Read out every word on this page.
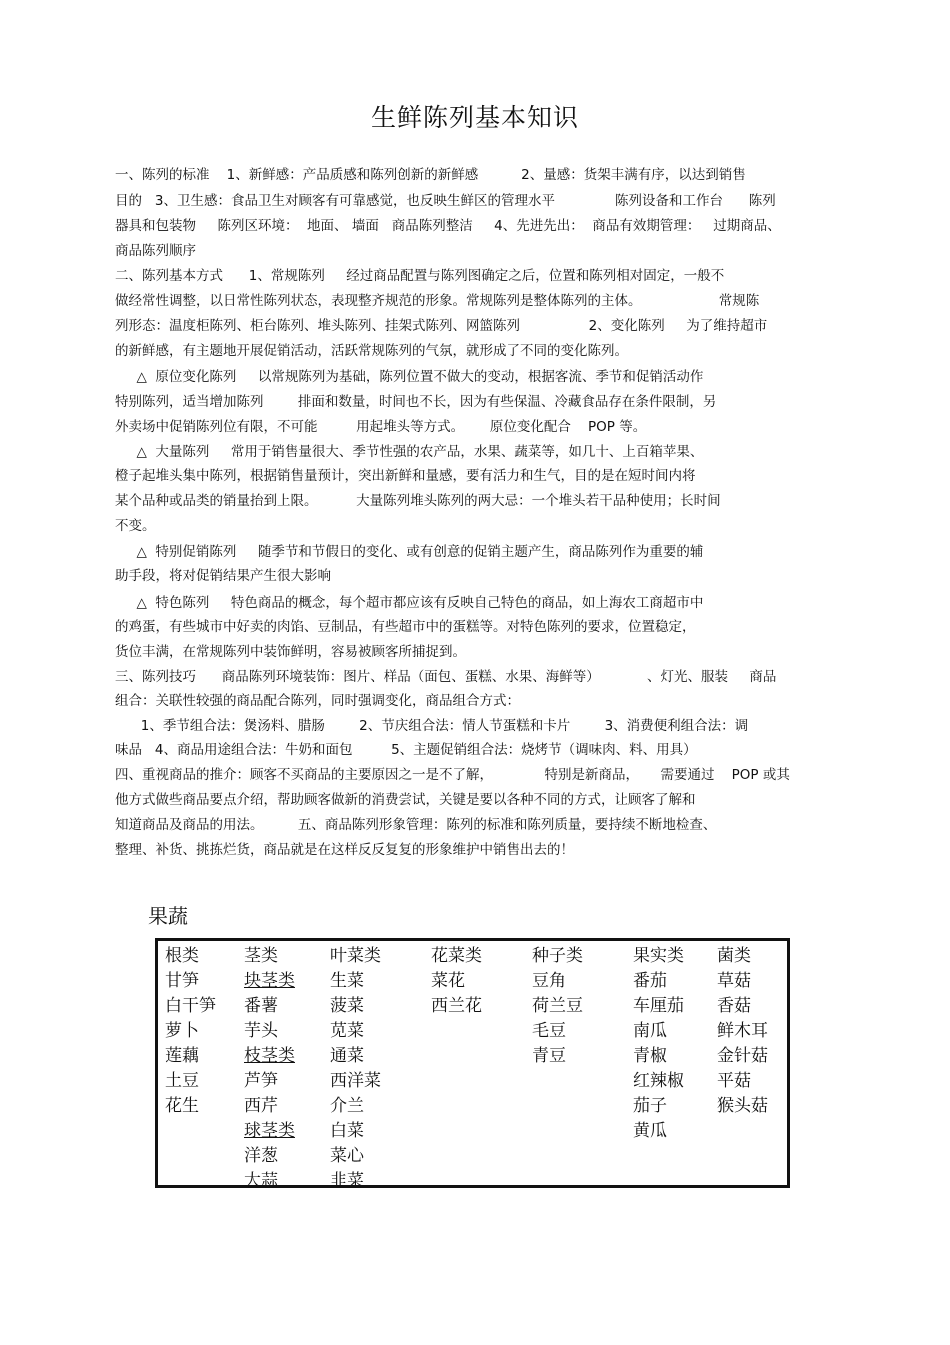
生鲜陈列基本知识
一、陈列的标准    1、新鲜感：产品质感和陈列创新的新鲜感          2、量感：货架丰满有序，以达到销售
目的   3、卫生感：食品卫生对顾客有可靠感觉，也反映生鲜区的管理水平              陈列设备和工作台      陈列
器具和包装物     陈列区环境：  地面、 墙面   商品陈列整洁     4、先进先出：  商品有效期管理：   过期商品、
商品陈列顺序
二、陈列基本方式      1、常规陈列     经过商品配置与陈列图确定之后，位置和陈列相对固定，一般不
做经常性调整，以日常性陈列状态，表现整齐规范的形象。常规陈列是整体陈列的主体。                  常规陈
列形态：温度柜陈列、柜台陈列、堆头陈列、挂架式陈列、网篮陈列                2、变化陈列     为了维持超市
的新鲜感，有主题地开展促销活动，活跃常规陈列的气氛，就形成了不同的变化陈列。
△  原位变化陈列     以常规陈列为基础，陈列位置不做大的变动，根据客流、季节和促销活动作
特别陈列，适当增加陈列        排面和数量，时间也不长，因为有些保温、冷藏食品存在条件限制，另
外卖场中促销陈列位有限，不可能         用起堆头等方式。      原位变化配合    POP 等。
△  大量陈列     常用于销售量很大、季节性强的农产品，水果、蔬菜等，如几十、上百箱苹果、
橙子起堆头集中陈列，根据销售量预计，突出新鲜和量感，要有活力和生气，目的是在短时间内将
某个品种或品类的销量抬到上限。         大量陈列堆头陈列的两大忌：一个堆头若干品种使用；长时间
不变。
△  特别促销陈列     随季节和节假日的变化、或有创意的促销主题产生，商品陈列作为重要的辅
助手段，将对促销结果产生很大影响
△  特色陈列     特色商品的概念，每个超市都应该有反映自己特色的商品，如上海农工商超市中
的鸡蛋，有些城市中好卖的肉馅、豆制品，有些超市中的蛋糕等。对特色陈列的要求，位置稳定，
货位丰满，在常规陈列中装饰鲜明，容易被顾客所捕捉到。
三、陈列技巧      商品陈列环境装饰：图片、样品（面包、蛋糕、水果、海鲜等）           、灯光、服装     商品
组合：关联性较强的商品配合陈列，同时强调变化，商品组合方式：
1、季节组合法：煲汤料、腊肠        2、节庆组合法：情人节蛋糕和卡片        3、消费便利组合法：调
味品   4、商品用途组合法：牛奶和面包         5、主题促销组合法：烧烤节（调味肉、料、用具）
四、重视商品的推介：顾客不买商品的主要原因之一是不了解，            特别是新商品，     需要通过    POP 或其
他方式做些商品要点介绍，帮助顾客做新的消费尝试，关键是要以各种不同的方式，让顾客了解和
知道商品及商品的用法。        五、商品陈列形象管理：陈列的标准和陈列质量，要持续不断地检查、
整理、补货、挑拣烂货，商品就是在这样反反复复的形象维护中销售出去的！
果蔬
根类
甘笋
白干笋
萝卜
莲藕
土豆
花生
茎类
块茎类
番薯
芋头
枝茎类
芦笋
西芹
球茎类
洋葱
大蒜
叶菜类
生菜
菠菜
苋菜
通菜
西洋菜
介兰
白菜
菜心
韭菜
花菜类
菜花
西兰花
种子类
豆角
荷兰豆
毛豆
青豆
果实类
番茄
车厘茄
南瓜
青椒
红辣椒
茄子
黄瓜
菌类
草菇
香菇
鲜木耳
金针菇
平菇
猴头菇
